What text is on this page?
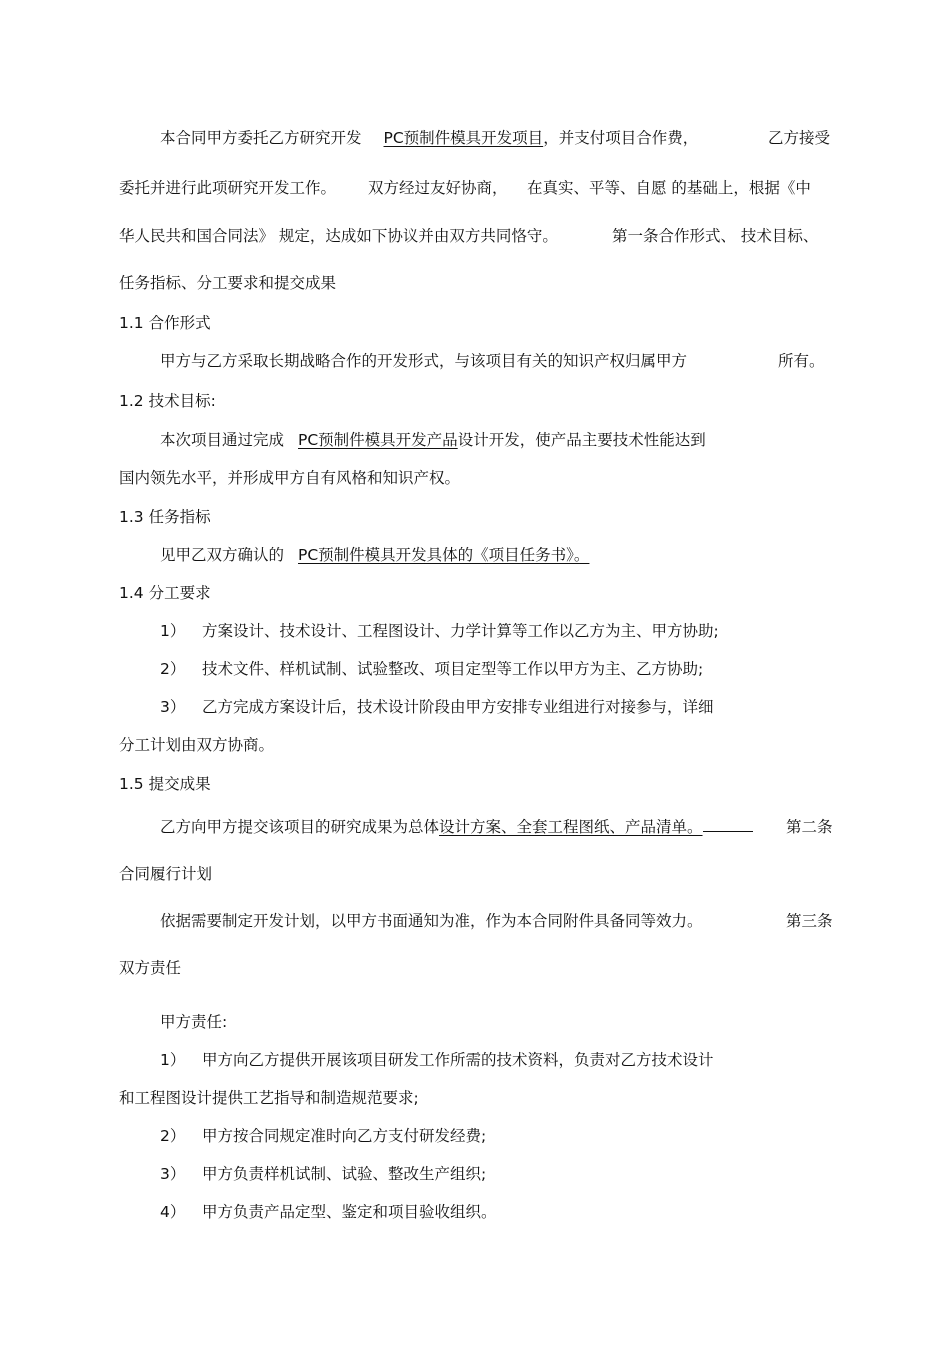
本合同甲方委托乙方研究开发 PC预制件模具开发项目，并支付项目合作费，	乙方接受
委托并进行此项研究开发工作。 双方经过友好协商， 在真实、平等、自愿 的基础上，根据《中
华人民共和国合同法》 规定，达成如下协议并由双方共同恪守。	第一条合作形式、 技术目标、
任务指标、分工要求和提交成果
1.1 合作形式
甲方与乙方采取长期战略合作的开发形式，与该项目有关的知识产权归属甲方	所有。
1.2 技术目标:
本次项目通过完成 PC预制件模具开发产品设计开发，使产品主要技术性能达到
国内领先水平，并形成甲方自有风格和知识产权。
1.3 任务指标
见甲乙双方确认的 PC预制件模具开发具体的《项目任务书》。
1.4 分工要求
1） 方案设计、技术设计、工程图设计、力学计算等工作以乙方为主、甲方协助;
2） 技术文件、样机试制、试验整改、项目定型等工作以甲方为主、乙方协助;
3） 乙方完成方案设计后，技术设计阶段由甲方安排专业组进行对接参与，详细
分工计划由双方协商。
1.5 提交成果
乙方向甲方提交该项目的研究成果为总体设计方案、全套工程图纸、产品清单。	第二条
合同履行计划
依据需要制定开发计划，以甲方书面通知为准，作为本合同附件具备同等效力。	第三条
双方责任
甲方责任:
1） 甲方向乙方提供开展该项目研发工作所需的技术资料，负责对乙方技术设计
和工程图设计提供工艺指导和制造规范要求;
2） 甲方按合同规定准时向乙方支付研发经费;
3） 甲方负责样机试制、试验、整改生产组织;
4） 甲方负责产品定型、鉴定和项目验收组织。
